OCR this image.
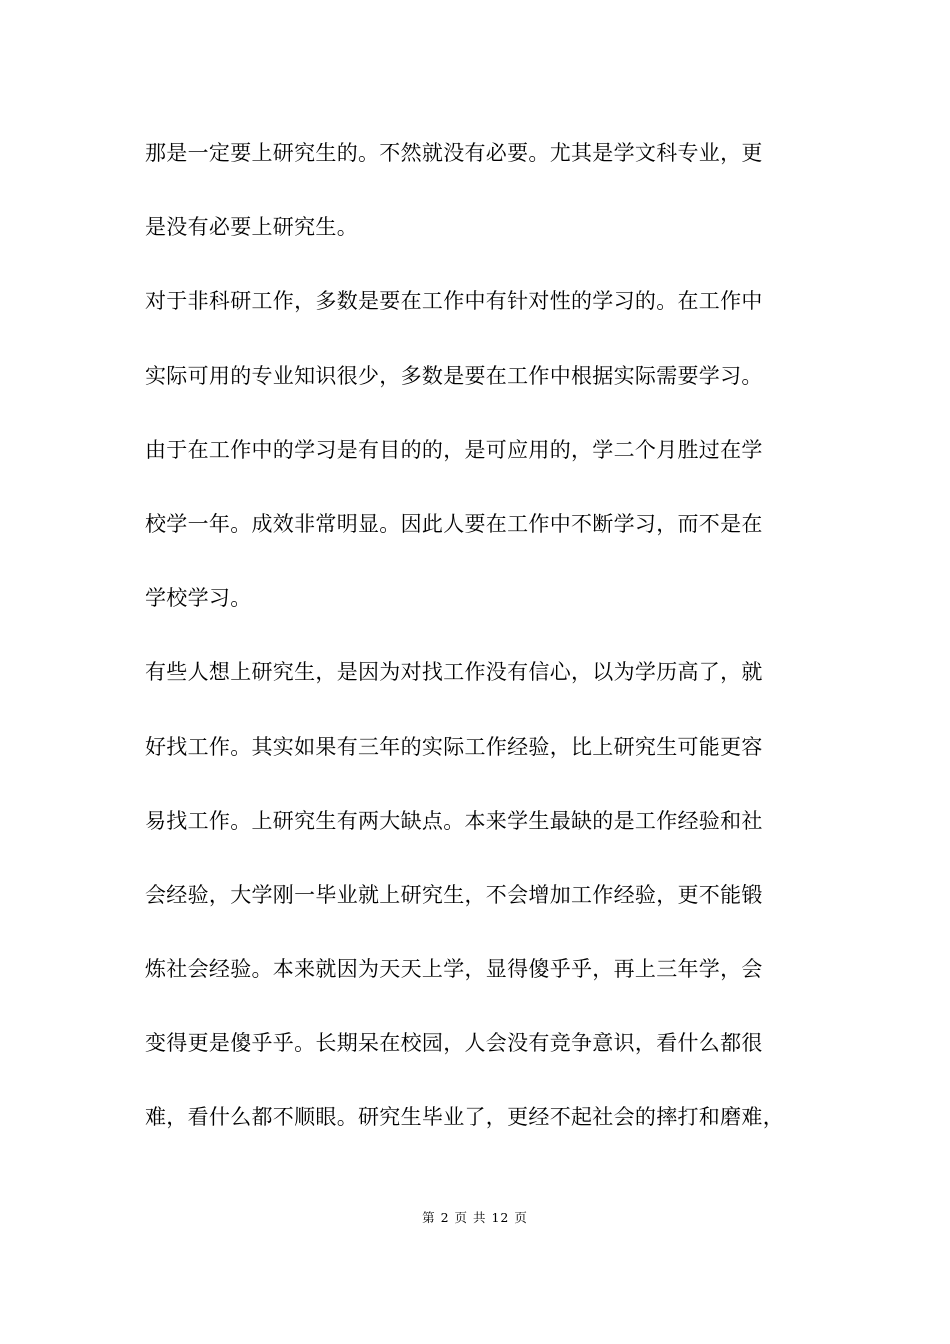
那是一定要上研究生的。不然就没有必要。尤其是学文科专业，更
是没有必要上研究生。
对于非科研工作，多数是要在工作中有针对性的学习的。在工作中
实际可用的专业知识很少，多数是要在工作中根据实际需要学习。
由于在工作中的学习是有目的的，是可应用的，学二个月胜过在学
校学一年。成效非常明显。因此人要在工作中不断学习，而不是在
学校学习。
有些人想上研究生，是因为对找工作没有信心，以为学历高了，就
好找工作。其实如果有三年的实际工作经验，比上研究生可能更容
易找工作。上研究生有两大缺点。本来学生最缺的是工作经验和社
会经验，大学刚一毕业就上研究生，不会增加工作经验，更不能锻
炼社会经验。本来就因为天天上学，显得傻乎乎，再上三年学，会
变得更是傻乎乎。长期呆在校园，人会没有竞争意识，看什么都很
难，看什么都不顺眼。研究生毕业了，更经不起社会的摔打和磨难，
第 2 页 共 12 页
